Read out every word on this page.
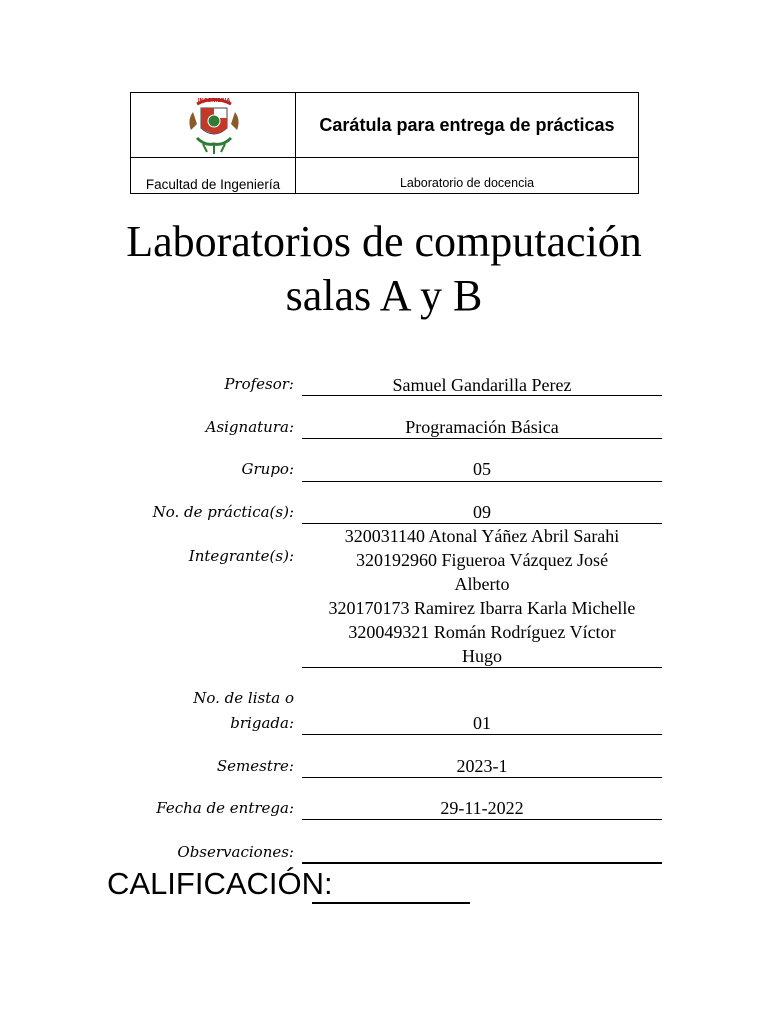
INGENIERIA
Carátula para entrega de prácticas
Facultad de Ingeniería	Laboratorio de docencia
Laboratorios de computación
salas A y B
Profesor:	Samuel Gandarilla Perez
Asignatura:	Programación Básica
Grupo:	05
No. de práctica(s):	09
Integrante(s):
320031140 Atonal Yáñez Abril Sarahi
320192960 Figueroa Vázquez José
Alberto
320170173 Ramirez Ibarra Karla Michelle
320049321 Román Rodríguez Víctor
Hugo
No. de lista o
brigada:	01
Semestre:	2023-1
Fecha de entrega:	29-11-2022
Observaciones:
CALIFICACIÓN:
